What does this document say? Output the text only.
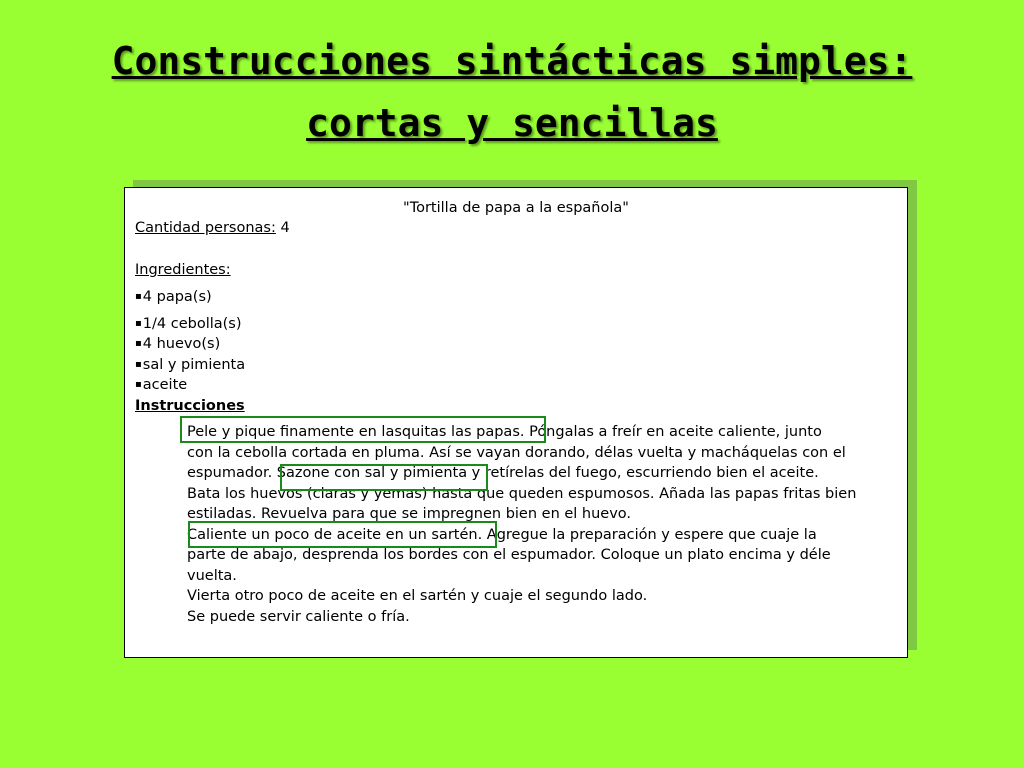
Construcciones sintácticas simples:
cortas y sencillas
"Tortilla de papa a la española"
Cantidad personas: 4
Ingredientes:
▪4 papa(s)
▪1/4 cebolla(s)
▪4 huevo(s)
▪sal y pimienta
▪aceite
Instrucciones
Pele y pique finamente en lasquitas las papas. Póngalas a freír en aceite caliente, junto
con la cebolla cortada en pluma. Así se vayan dorando, délas vuelta y macháquelas con el
espumador. Sazone con sal y pimienta y retírelas del fuego, escurriendo bien el aceite.
Bata los huevos (claras y yemas) hasta que queden espumosos. Añada las papas fritas bien
estiladas. Revuelva para que se impregnen bien en el huevo.
Caliente un poco de aceite en un sartén. Agregue la preparación y espere que cuaje la
parte de abajo, desprenda los bordes con el espumador. Coloque un plato encima y déle
vuelta.
Vierta otro poco de aceite en el sartén y cuaje el segundo lado.
Se puede servir caliente o fría.
